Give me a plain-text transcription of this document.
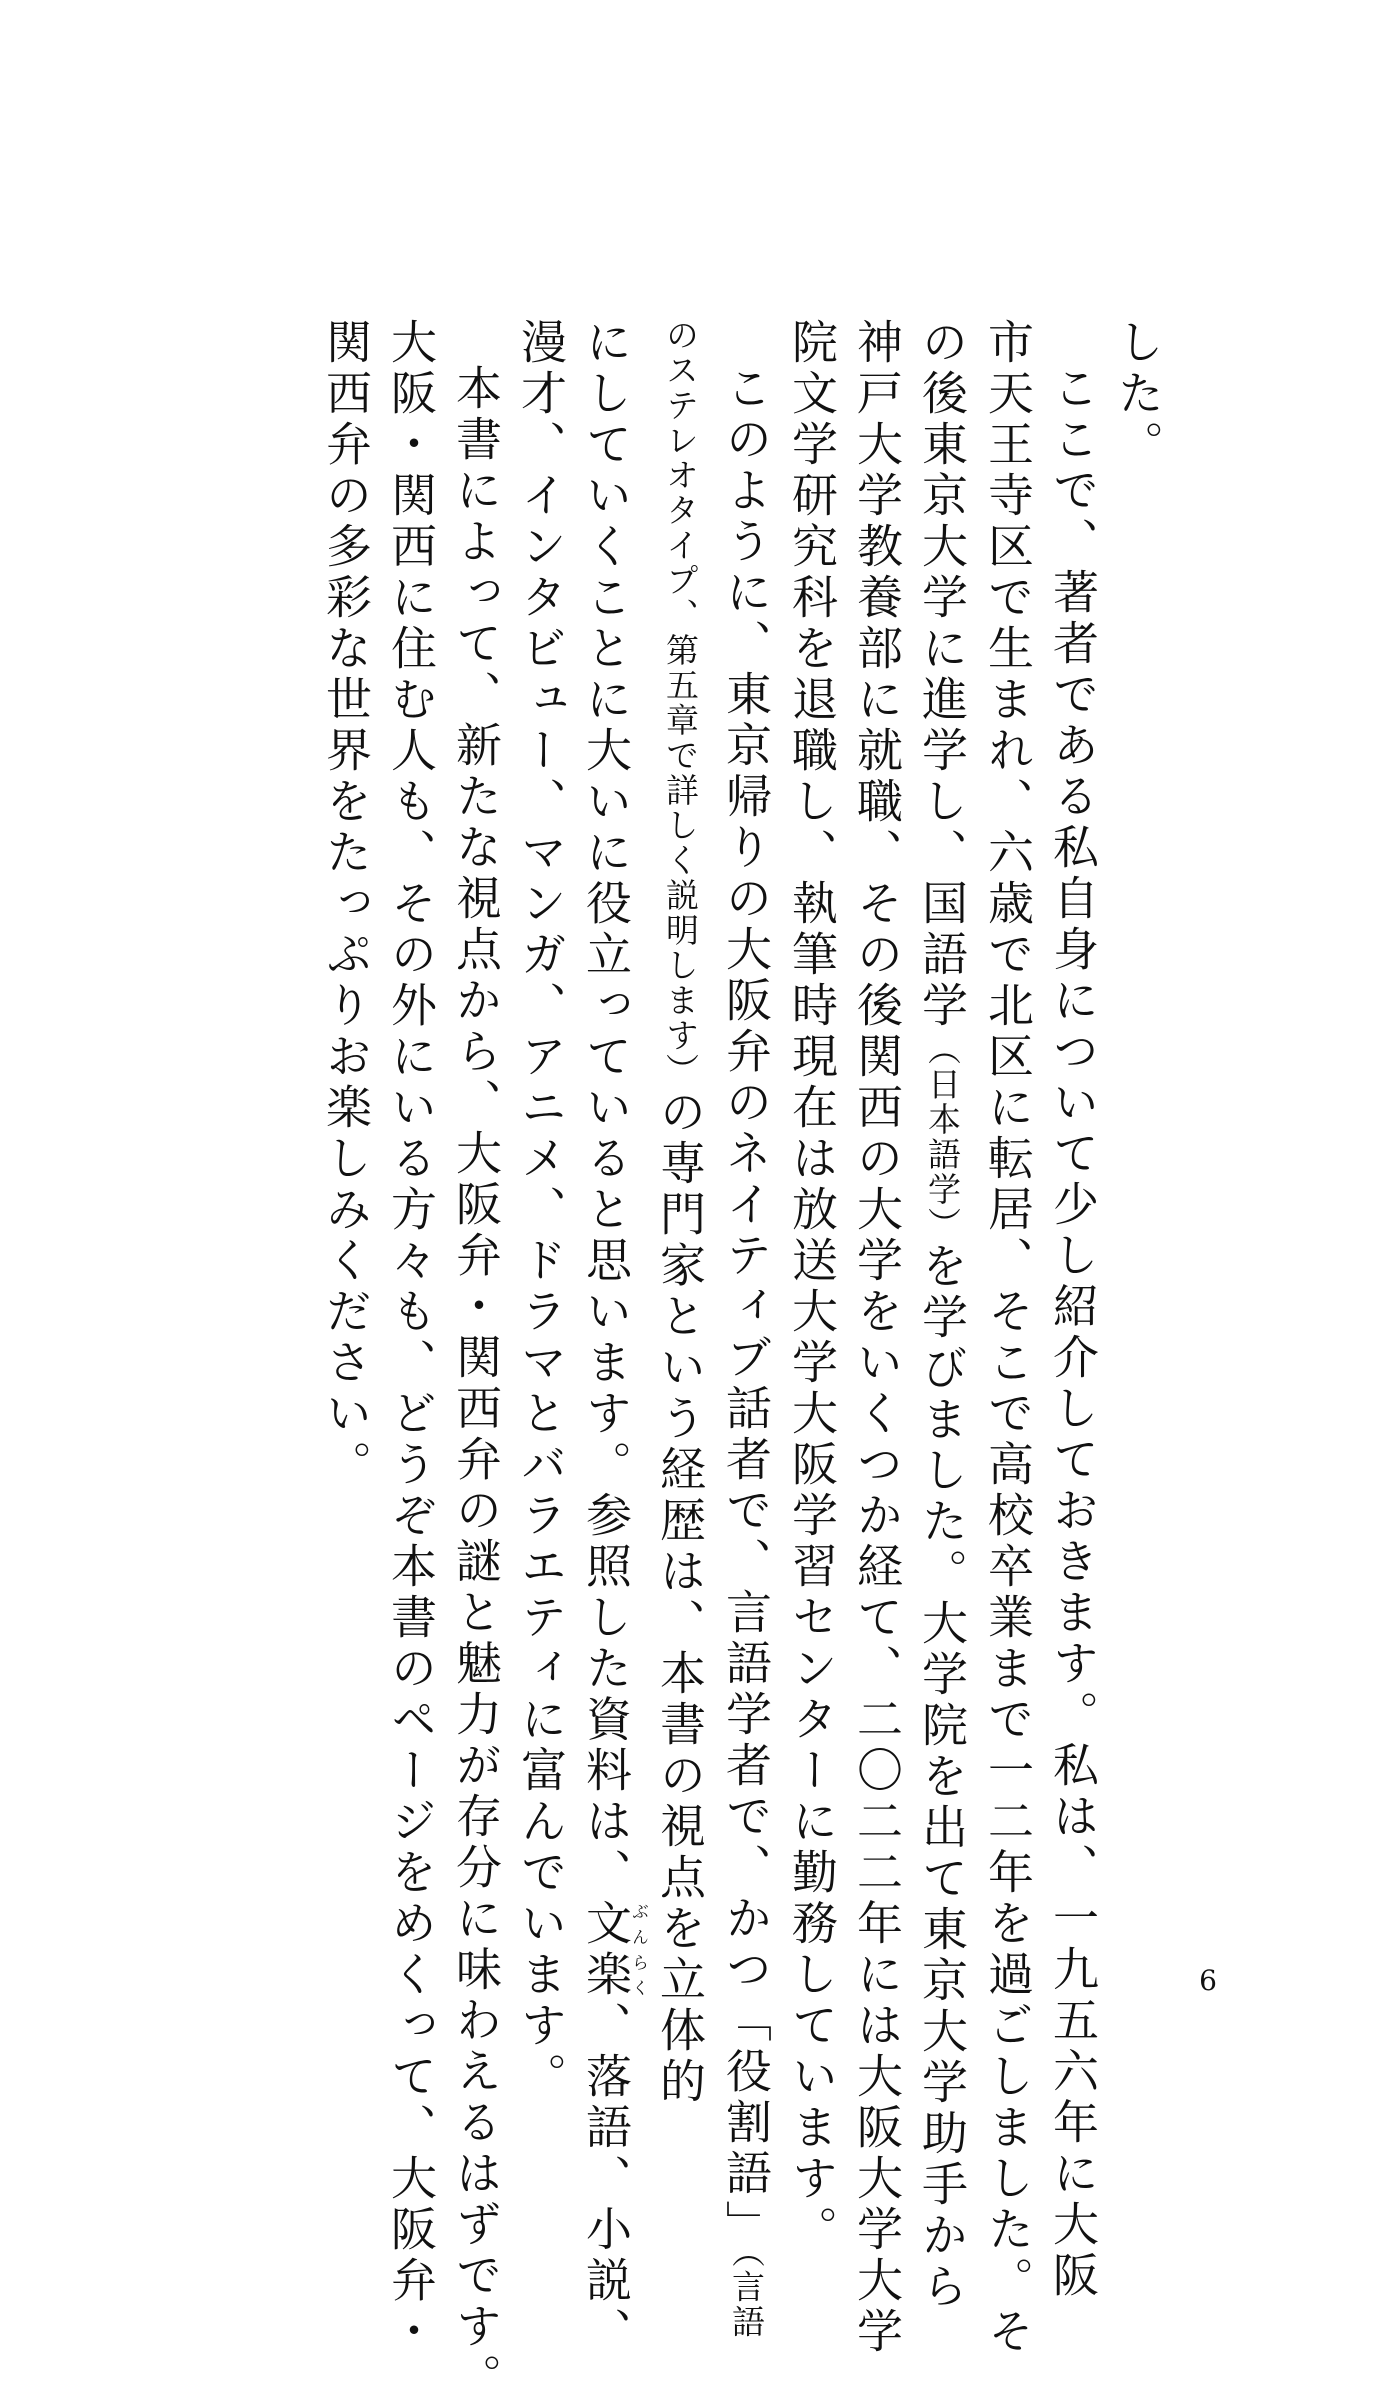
した。
ここで、著者である私自身について少し紹介しておきます。私は、一九五六年に大阪
市天王寺区で生まれ、六歳で北区に転居、そこで高校卒業まで一二年を過ごしました。そ
の後東京大学に進学し、国語学（日本語学）を学びました。大学院を出て東京大学助手から
神戸大学教養部に就職、その後関西の大学をいくつか経て、二〇二二年には大阪大学大学
院文学研究科を退職し、執筆時現在は放送大学大阪学習センターに勤務しています。
このように、東京帰りの大阪弁のネイティブ話者で、言語学者で、かつ「役割語」（言語
のステレオタイプ、第五章で詳しく説明します）の専門家という経歴は、本書の視点を立体的
にしていくことに大いに役立っていると思います。参照した資料は、文楽ぶんらく、落語、小説、
漫才、インタビュー、マンガ、アニメ、ドラマとバラエティに富んでいます。
本書によって、新たな視点から、大阪弁・関西弁の謎と魅力が存分に味わえるはずです。
大阪・関西に住む人も、その外にいる方々も、どうぞ本書のページをめくって、大阪弁・
関西弁の多彩な世界をたっぷりお楽しみください。
6
